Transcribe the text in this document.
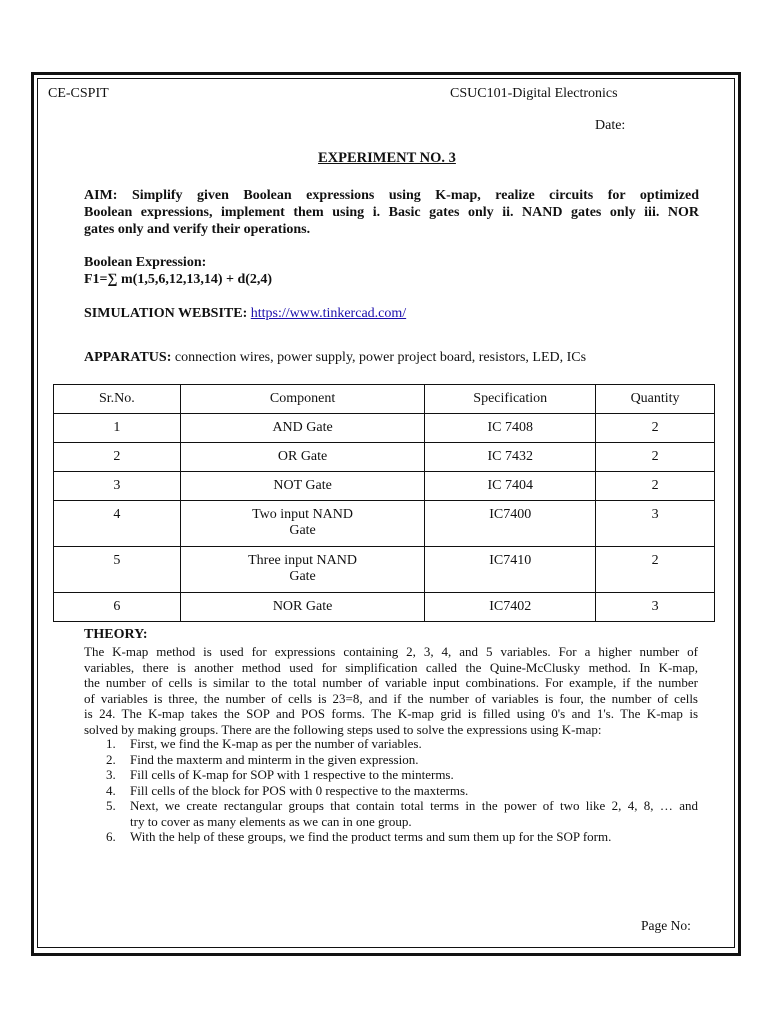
CE-CSPIT	CSUC101-Digital Electronics
Date:
EXPERIMENT NO. 3
AIM: Simplify given Boolean expressions using K-map, realize circuits for optimized
Boolean expressions, implement them using i. Basic gates only ii. NAND gates only iii. NOR
gates only and verify their operations.
Boolean Expression:
F1=∑ m(1,5,6,12,13,14) + d(2,4)
SIMULATION WEBSITE: https://www.tinkercad.com/
APPARATUS: connection wires, power supply, power project board, resistors, LED, ICs
Sr.No.	Component	Specification	Quantity
1	AND Gate	IC 7408	2
2	OR Gate	IC 7432	2
3	NOT Gate	IC 7404	2
4	Two input NAND
Gate	IC7400	3
5	Three input NAND
Gate	IC7410	2
6	NOR Gate	IC7402	3
THEORY:
The K-map method is used for expressions containing 2, 3, 4, and 5 variables. For a higher number of
variables, there is another method used for simplification called the Quine-McClusky method. In K-map,
the number of cells is similar to the total number of variable input combinations. For example, if the number
of variables is three, the number of cells is 23=8, and if the number of variables is four, the number of cells
is 24. The K-map takes the SOP and POS forms. The K-map grid is filled using 0's and 1's. The K-map is
solved by making groups. There are the following steps used to solve the expressions using K-map:
1. First, we find the K-map as per the number of variables.
2. Find the maxterm and minterm in the given expression.
3. Fill cells of K-map for SOP with 1 respective to the minterms.
4. Fill cells of the block for POS with 0 respective to the maxterms.
5. Next, we create rectangular groups that contain total terms in the power of two like 2, 4, 8, … and
try to cover as many elements as we can in one group.
6. With the help of these groups, we find the product terms and sum them up for the SOP form.
Page No:
